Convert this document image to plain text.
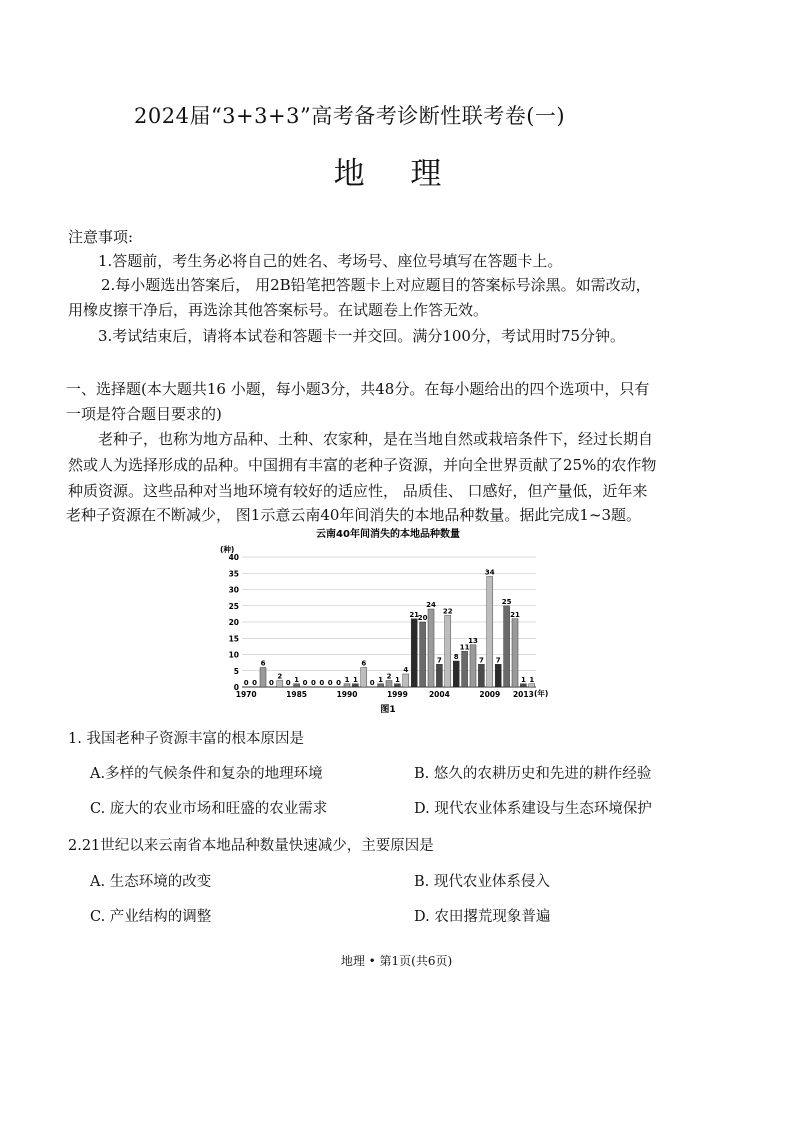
2024届“3+3+3”高考备考诊断性联考卷(一)
地 理
注意事项:
1.答题前，考生务必将自己的姓名、考场号、座位号填写在答题卡上。
2.每小题选出答案后， 用2B铅笔把答题卡上对应题目的答案标号涂黑。如需改动，
用橡皮擦干净后，再选涂其他答案标号。在试题卷上作答无效。
3.考试结束后，请将本试卷和答题卡一并交回。满分100分，考试用时75分钟。
一、选择题(本大题共16 小题，每小题3分，共48分。在每小题给出的四个选项中，只有
一项是符合题目要求的)
老种子，也称为地方品种、土种、农家种，是在当地自然或栽培条件下，经过长期自
然或人为选择形成的品种。中国拥有丰富的老种子资源，并向全世界贡献了25%的农作物
种质资源。这些品种对当地环境有较好的适应性， 品质佳、 口感好，但产量低，近年来
老种子资源在不断减少， 图1示意云南40年间消失的本地品种数量。据此完成1~3题。
云南40年间消失的本地品种数量
(种)
(年)
图1
0
5
10
15
20
25
30
35
40
0 0
6
0
2
0 1 0 0 0 0 0 1 1
6
0 1 2 1
4
21
20
24
7
22
8
11
13
7
34
7
25
21
1 1
1970	1985	1990	1999	2004	2009 2013
1. 我国老种子资源丰富的根本原因是
A.多样的气候条件和复杂的地理环境	B. 悠久的农耕历史和先进的耕作经验
C. 庞大的农业市场和旺盛的农业需求	D. 现代农业体系建设与生态环境保护
2.21世纪以来云南省本地品种数量快速减少，主要原因是
A. 生态环境的改变	B. 现代农业体系侵入
C. 产业结构的调整	D. 农田撂荒现象普遍
地理 • 第1页(共6页)
